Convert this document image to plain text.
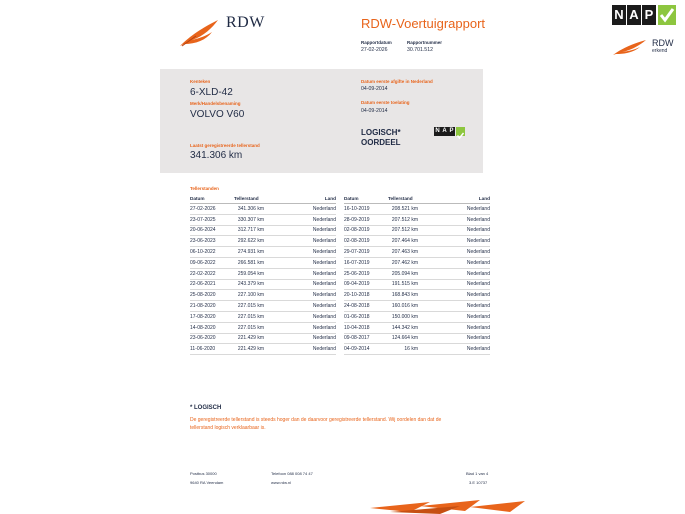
RDW	RDW-Voertuigrapport
Rapportdatum	Rapportnummer
27-02-2026	30.701.512
N A P
RDW
erkend
Kenteken
6-XLD-42
Merk/Handelsbenaming
VOLVO V60
Laatst geregistreerde tellerstand
341.306 km
Datum eerste afgifte in Nederland
04-09-2014
Datum eerste toelating
04-09-2014
LOGISCH*
OORDEEL
N A P
Tellerstanden
Datum	Tellerstand	Land
27-02-2026	341.306 km	Nederland
23-07-2025	330.307 km	Nederland
20-06-2024	312.717 km	Nederland
23-06-2023	292.622 km	Nederland
06-10-2022	274.931 km	Nederland
09-06-2022	266.581 km	Nederland
22-02-2022	259.054 km	Nederland
22-06-2021	243.379 km	Nederland
25-08-2020	227.100 km	Nederland
21-08-2020	227.015 km	Nederland
17-08-2020	227.015 km	Nederland
14-08-2020	227.015 km	Nederland
23-06-2020	221.429 km	Nederland
11-06-2020	221.429 km	Nederland
Datum	Tellerstand	Land
16-10-2019	208.521 km	Nederland
28-09-2019	207.512 km	Nederland
02-08-2019	207.512 km	Nederland
02-08-2019	207.464 km	Nederland
29-07-2019	207.463 km	Nederland
16-07-2019	207.462 km	Nederland
25-06-2019	205.094 km	Nederland
09-04-2019	191.515 km	Nederland
20-10-2018	168.843 km	Nederland
24-08-2018	160.016 km	Nederland
01-06-2018	150.000 km	Nederland
10-04-2018	144.342 km	Nederland
09-08-2017	124.664 km	Nederland
04-09-2014	16 km	Nederland
* LOGISCH
De geregistreerde tellerstand is steeds hoger dan de daarvoor geregistreerde tellerstand. Wij oordelen dan dat de
tellerstand logisch verklaarbaar is.
Postbus 30000
9640 RA Veendam
Telefoon 088 008 74 47
www.rdw.nl
Blad 1 van 4
3.E 10737
